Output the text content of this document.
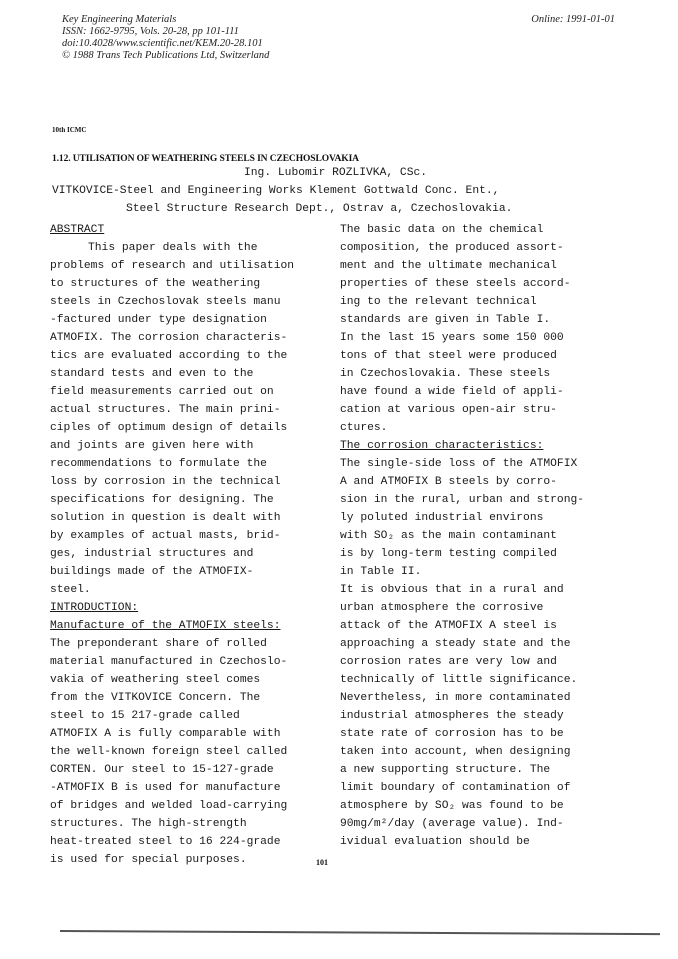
Key Engineering Materials
ISSN: 1662-9795, Vols. 20-28, pp 101-111
doi:10.4028/www.scientific.net/KEM.20-28.101
© 1988 Trans Tech Publications Ltd, Switzerland
Online: 1991-01-01
10th ICMC
1.12. UTILISATION OF WEATHERING STEELS IN CZECHOSLOVAKIA
Ing. Lubomir ROZLIVKA, CSc.
VITKOVICE-Steel and Engineering Works Klement Gottwald Conc. Ent.,
Steel Structure Research Dept., Ostrav a, Czechoslovakia.
ABSTRACT
This paper deals with the
problems of research and utilisation
to structures of the weathering
steels in Czechoslovak steels manu
-factured under type designation
ATMOFIX. The corrosion characteris-
tics are evaluated according to the
standard tests and even to the
field measurements carried out on
actual structures. The main prini-
ciples of optimum design of details
and joints are given here with
recommendations to formulate the
loss by corrosion in the technical
specifications for designing. The
solution in question is dealt with
by examples of actual masts, brid-
ges, industrial structures and
buildings made of the ATMOFIX-
steel.
INTRODUCTION:
Manufacture of the ATMOFIX steels:
The preponderant share of rolled
material manufactured in Czechoslo-
vakia of weathering steel comes
from the VITKOVICE Concern. The
steel to 15 217-grade called
ATMOFIX A is fully comparable with
the well-known foreign steel called
CORTEN. Our steel to 15-127-grade
-ATMOFIX B is used for manufacture
of bridges and welded load-carrying
structures. The high-strength
heat-treated steel to 16 224-grade
is used for special purposes.
The basic data on the chemical
composition, the produced assort-
ment and the ultimate mechanical
properties of these steels accord-
ing to the relevant technical
standards are given in Table I.
In the last 15 years some 150 000
tons of that steel were produced
in Czechoslovakia. These steels
have found a wide field of appli-
cation at various open-air stru-
ctures.
The corrosion characteristics:
The single-side loss of the ATMOFIX
A and ATMOFIX B steels by corro-
sion in the rural, urban and strong-
ly poluted industrial environs
with SO₂ as the main contaminant
is by long-term testing compiled
in Table II.
It is obvious that in a rural and
urban atmosphere the corrosive
attack of the ATMOFIX A steel is
approaching a steady state and the
corrosion rates are very low and
technically of little significance.
Nevertheless, in more contaminated
industrial atmospheres the steady
state rate of corrosion has to be
taken into account, when designing
a new supporting structure. The
limit boundary of contamination of
atmosphere by SO₂ was found to be
90mg/m²/day (average value). Ind-
ividual evaluation should be
101
